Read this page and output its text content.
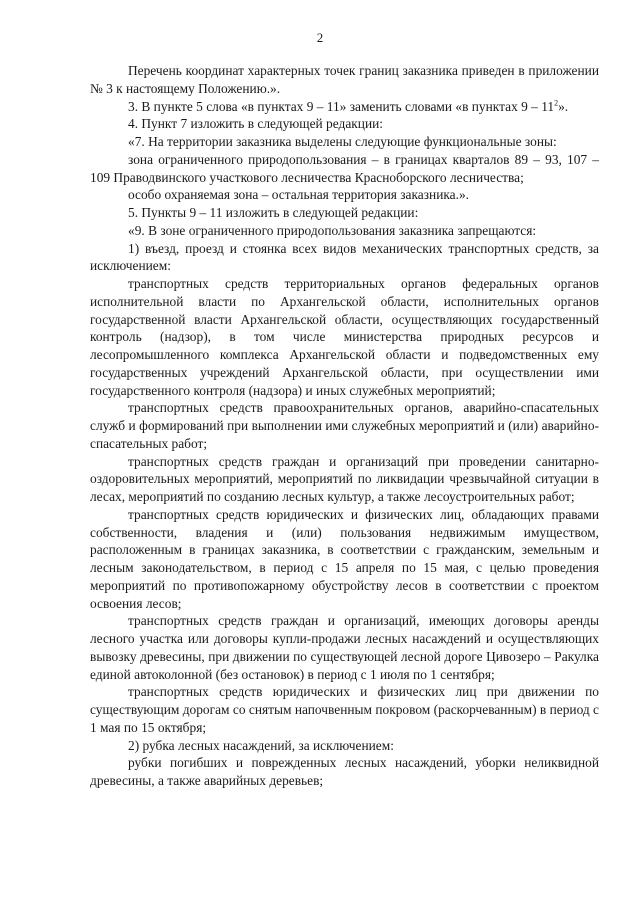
2

Перечень координат характерных точек границ заказника приведен в приложении № 3 к настоящему Положению.».

3. В пункте 5 слова «в пунктах 9 – 11» заменить словами «в пунктах $9 - 11^2$».

4. Пункт 7 изложить в следующей редакции:

«7. На территории заказника выделены следующие функциональные зоны:

зона ограниченного природопользования – в границах кварталов 89 – 93, 107 – 109 Праводвинского участкового лесничества Красноборского лесничества;

особо охраняемая зона – остальная территория заказника.».

5. Пункты 9 – 11 изложить в следующей редакции:

«9. В зоне ограниченного природопользования заказника запрещаются:

1) въезд, проезд и стоянка всех видов механических транспортных средств, за исключением:

транспортных средств территориальных органов федеральных органов исполнительной власти по Архангельской области, исполнительных органов государственной власти Архангельской области, осуществляющих государственный контроль (надзор), в том числе министерства природных ресурсов и лесопромышленного комплекса Архангельской области и подведомственных ему государственных учреждений Архангельской области, при осуществлении ими государственного контроля (надзора) и иных служебных мероприятий;

транспортных средств правоохранительных органов, аварийно-спасательных служб и формирований при выполнении ими служебных мероприятий и (или) аварийно-спасательных работ;

транспортных средств граждан и организаций при проведении санитарно-оздоровительных мероприятий, мероприятий по ликвидации чрезвычайной ситуации в лесах, мероприятий по созданию лесных культур, а также лесоустроительных работ;

транспортных средств юридических и физических лиц, обладающих правами собственности, владения и (или) пользования недвижимым имуществом, расположенным в границах заказника, в соответствии с гражданским, земельным и лесным законодательством, в период с 15 апреля по 15 мая, с целью проведения мероприятий по противопожарному обустройству лесов в соответствии с проектом освоения лесов;

транспортных средств граждан и организаций, имеющих договоры аренды лесного участка или договоры купли-продажи лесных насаждений и осуществляющих вывозку древесины, при движении по существующей лесной дороге Цивозеро – Ракулка единой автоколонной (без остановок) в период с 1 июля по 1 сентября;

транспортных средств юридических и физических лиц при движении по существующим дорогам со снятым напочвенным покровом (раскорчеванным) в период с 1 мая по 15 октября;

2) рубка лесных насаждений, за исключением:

рубки погибших и поврежденных лесных насаждений, уборки неликвидной древесины, а также аварийных деревьев;
